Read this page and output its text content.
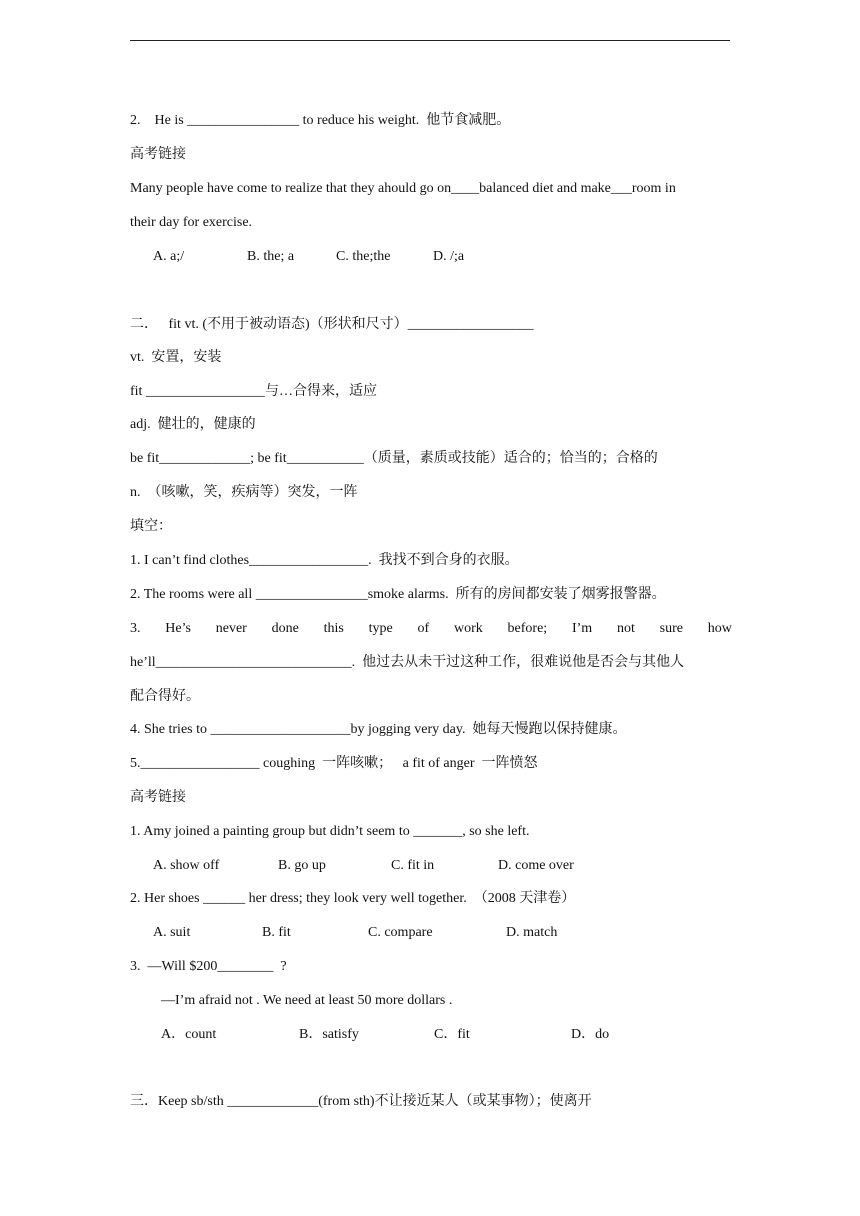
2.    He is ________________ to reduce his weight.  他节食减肥。
高考链接
Many people have come to realize that they ahould go on____balanced diet and make___room in
their day for exercise.
A. a;/	B. the; a	C. the;the	D. /;a
二．   fit vt. (不用于被动语态)（形状和尺寸）__________________
vt.  安置，安装
fit _________________与…合得来，适应
adj.  健壮的，健康的
be fit_____________; be fit___________（质量，素质或技能）适合的；恰当的；合格的
n.  （咳嗽，笑，疾病等）突发，一阵
填空：
1. I can’t find clothes_________________.  我找不到合身的衣服。
2. The rooms were all ________________smoke alarms.  所有的房间都安装了烟雾报警器。
3. He’s never done this type of work before; I’m not sure how
he’ll____________________________.  他过去从未干过这种工作，很难说他是否会与其他人
配合得好。
4. She tries to ____________________by jogging very day.  她每天慢跑以保持健康。
5._________________ coughing  一阵咳嗽；   a fit of anger  一阵愤怒
高考链接
1. Amy joined a painting group but didn’t seem to _______, so she left.
A. show off	B. go up	C. fit in	D. come over
2. Her shoes ______ her dress; they look very well together.  （2008 天津卷）
A. suit	B. fit	C. compare	D. match
3.  —Will $200________  ?
—I’m afraid not . We need at least 50 more dollars .
A．count	B．satisfy	C．fit	D．do
三．Keep sb/sth _____________(from sth)不让接近某人（或某事物）；使离开
